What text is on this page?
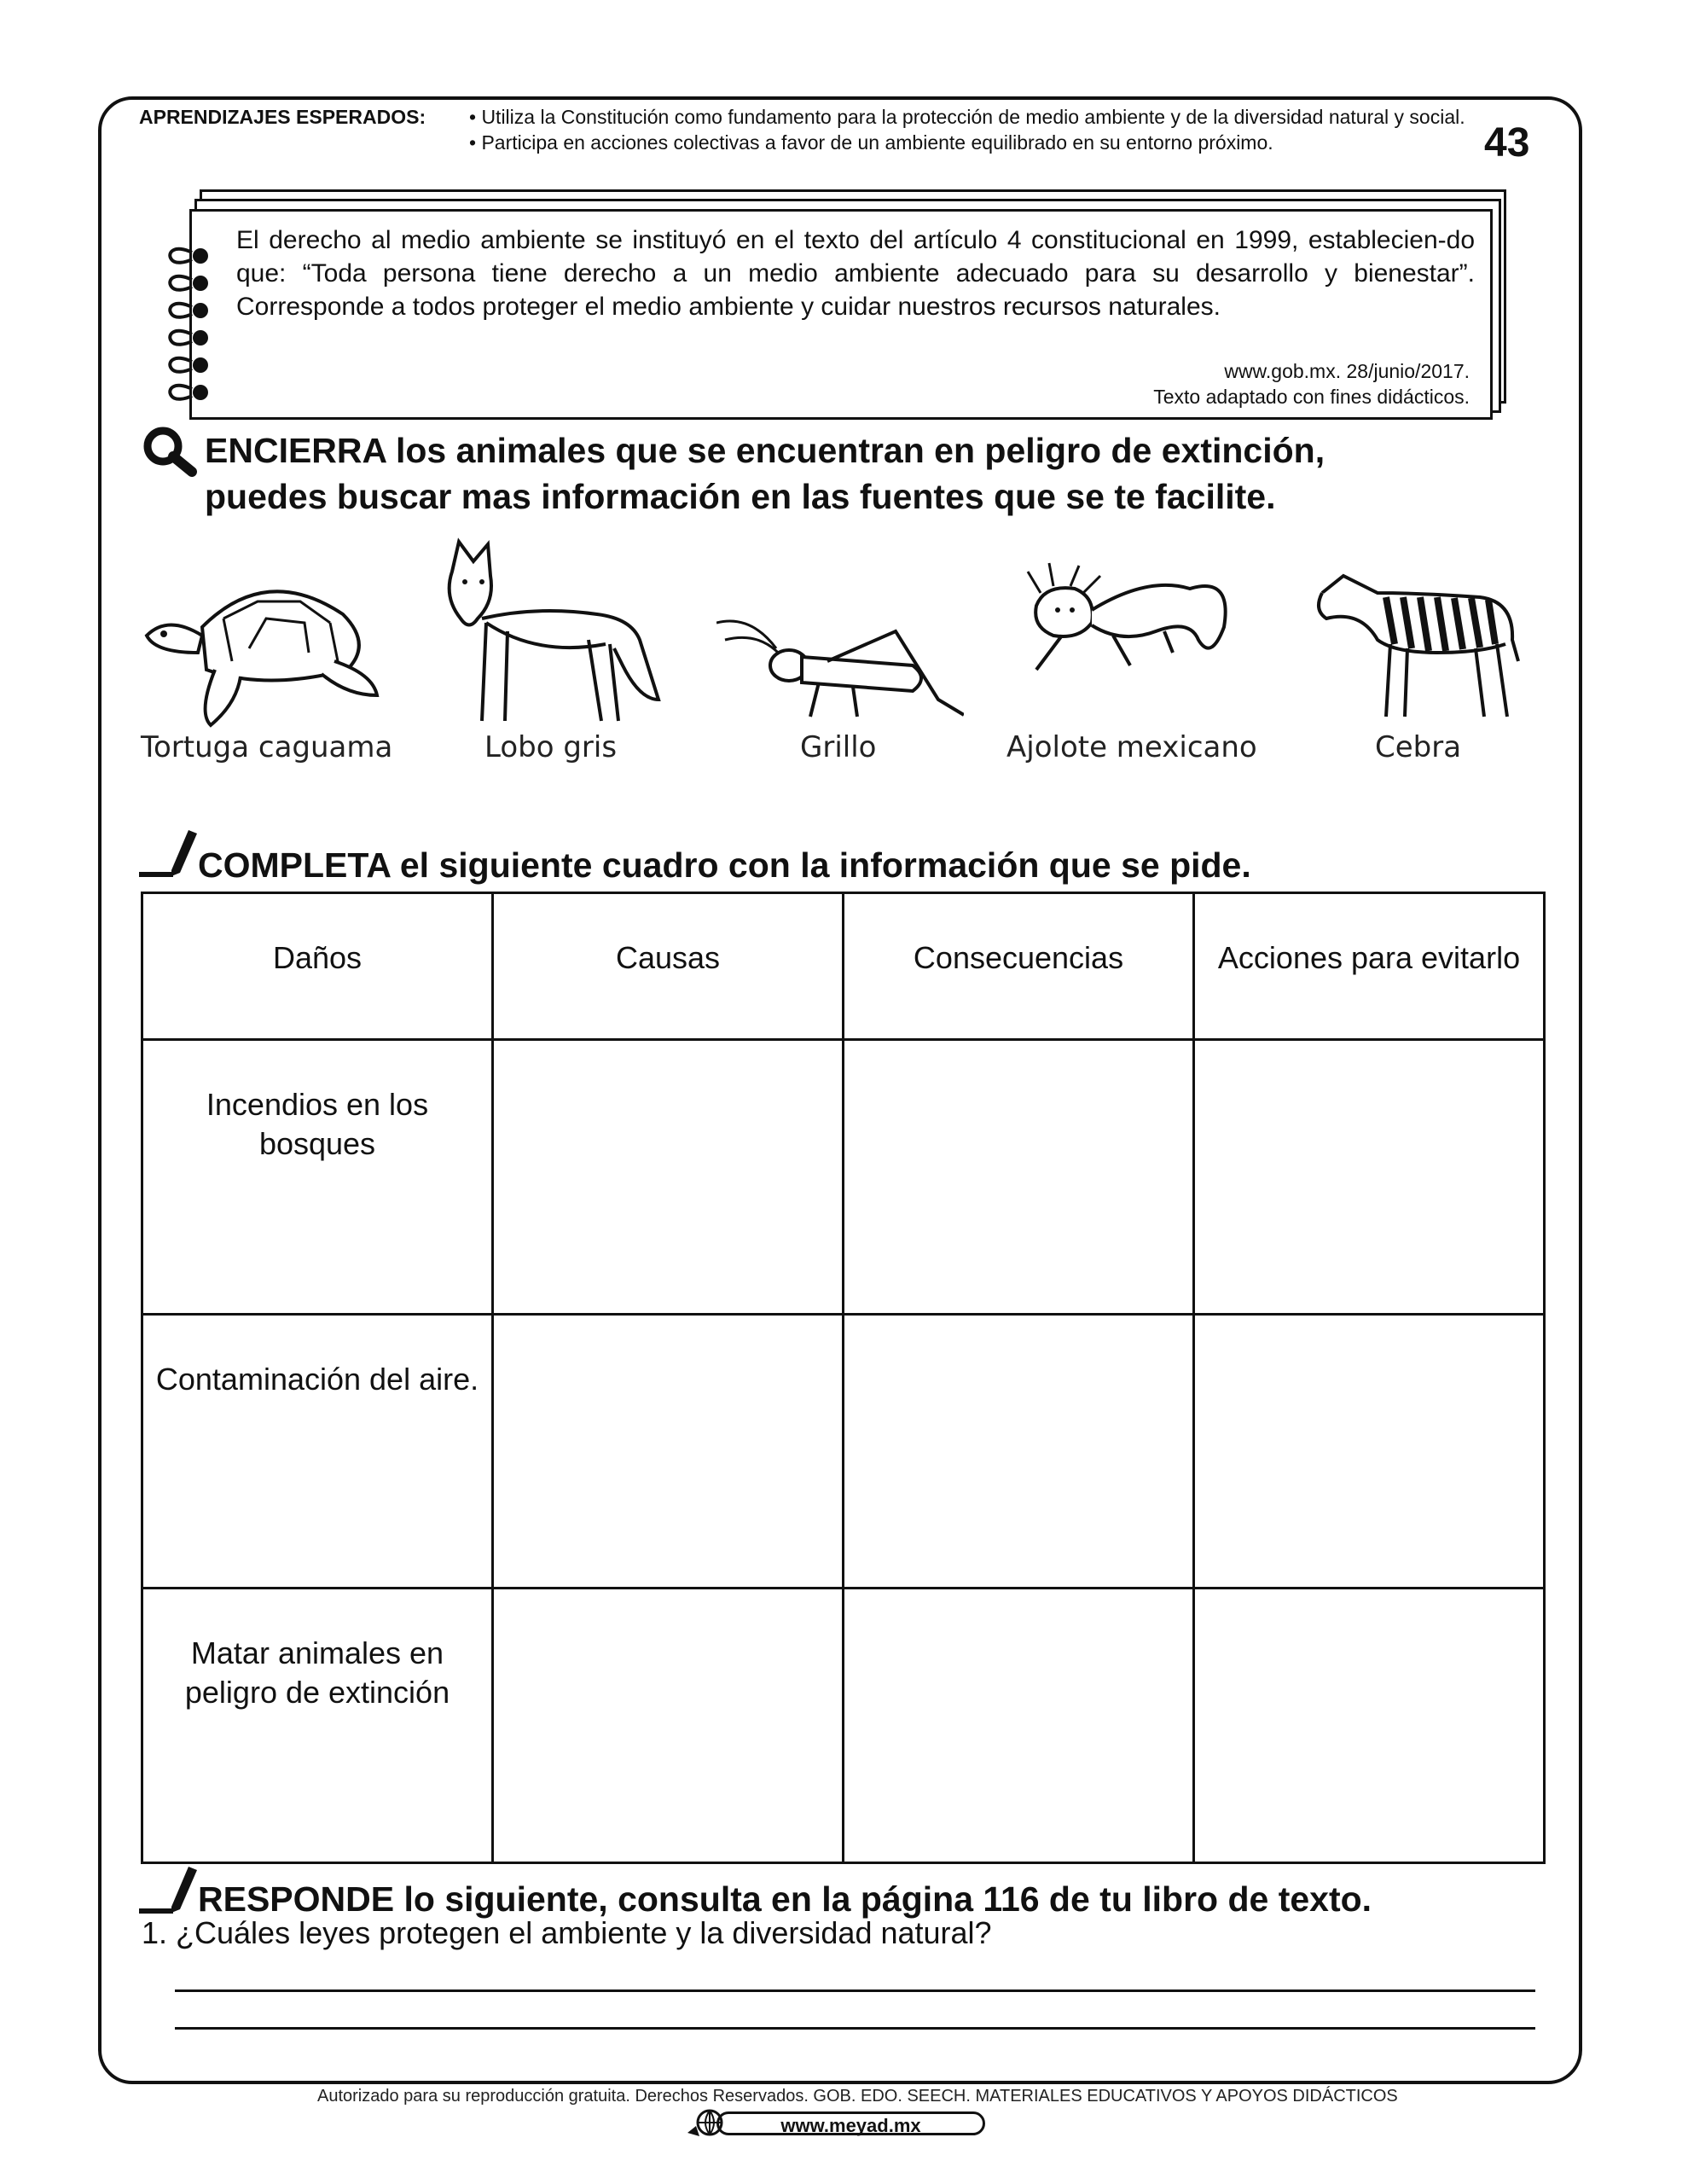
APRENDIZAJES ESPERADOS: • Utiliza la Constitución como fundamento para la protección de medio ambiente y de la diversidad natural y social.
• Participa en acciones colectivas a favor de un ambiente equilibrado en su entorno próximo.	43
El derecho al medio ambiente se instituyó en el texto del artículo 4 constitucional en 1999, establecien-do que: “Toda persona tiene derecho a un medio ambiente adecuado para su desarrollo y bienestar”. Corresponde a todos proteger el medio ambiente y cuidar nuestros recursos naturales.
www.gob.mx. 28/junio/2017.
Texto adaptado con fines didácticos.
ENCIERRA los animales que se encuentran en peligro de extinción,
puedes buscar mas información en las fuentes que se te facilite.
Tortuga caguama	Lobo gris	Grillo	Ajolote mexicano	Cebra
COMPLETA el siguiente cuadro con la información que se pide.
Daños	Causas	Consecuencias	Acciones para evitarlo
Incendios en los bosques			
Contaminación del aire.			
Matar animales en peligro de extinción			
RESPONDE lo siguiente, consulta en la página 116 de tu libro de texto.
1. ¿Cuáles leyes protegen el ambiente y la diversidad natural?
Autorizado para su reproducción gratuita. Derechos Reservados. GOB. EDO. SEECH. MATERIALES EDUCATIVOS Y APOYOS DIDÁCTICOS
www.meyad.mx
